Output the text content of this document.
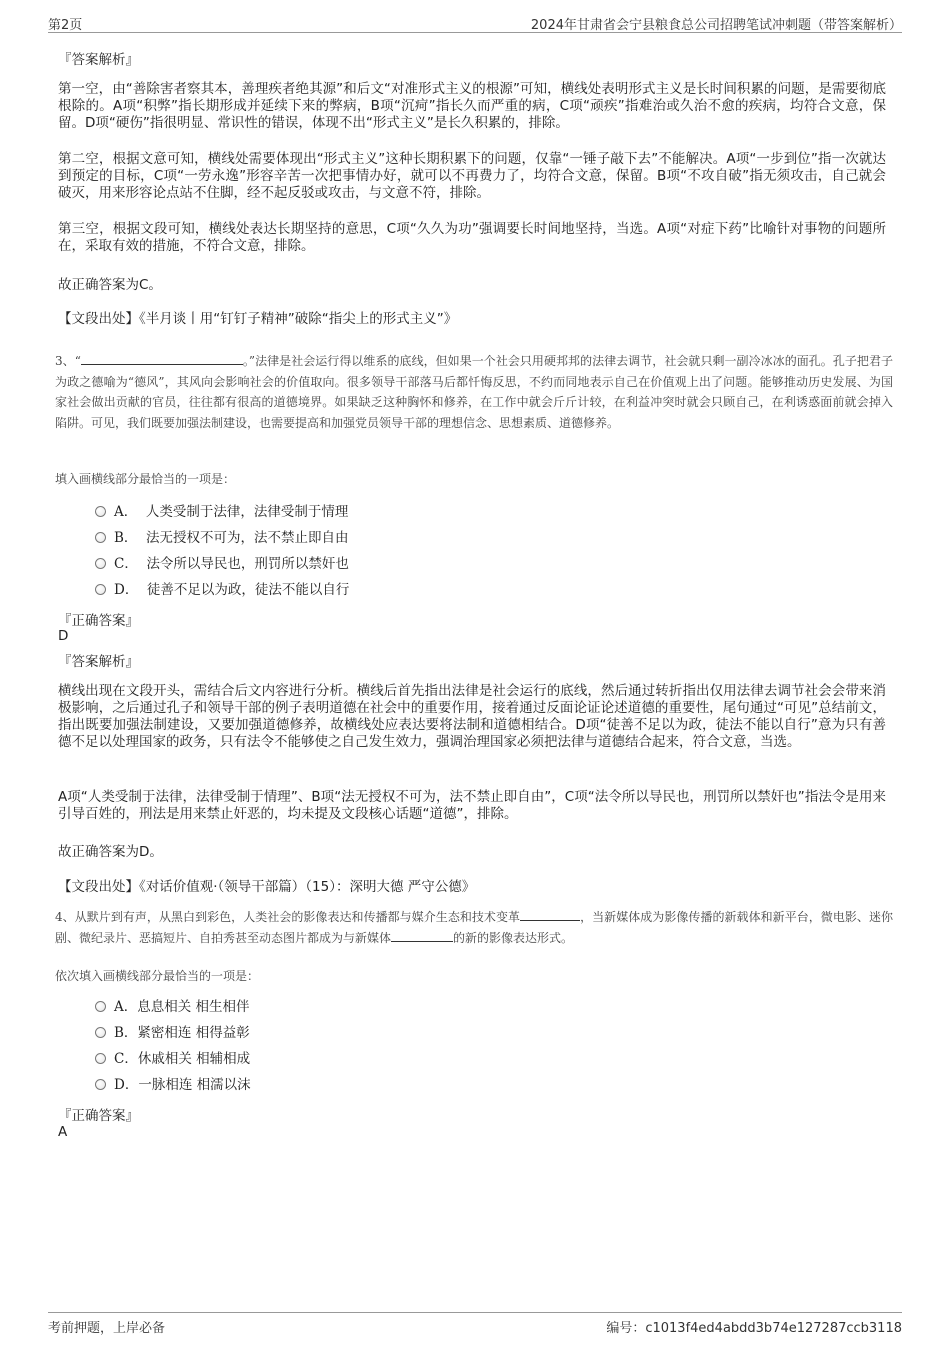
第2页	2024年甘肃省会宁县粮食总公司招聘笔试冲刺题（带答案解析）
『答案解析』

第一空，由“善除害者察其本，善理疾者绝其源”和后文“对准形式主义的根源”可知，横线处表明形式主义是长时间积累的问题，是需要彻底根除的。A项“积弊”指长期形成并延续下来的弊病，B项“沉疴”指长久而严重的病，C项“顽疾”指难治或久治不愈的疾病，均符合文意，保留。D项“硬伤”指很明显、常识性的错误，体现不出“形式主义”是长久积累的，排除。

第二空，根据文意可知，横线处需要体现出“形式主义”这种长期积累下的问题，仅靠“一锤子敲下去”不能解决。A项“一步到位”指一次就达到预定的目标，C项“一劳永逸”形容辛苦一次把事情办好，就可以不再费力了，均符合文意，保留。B项“不攻自破”指无须攻击，自己就会破灭，用来形容论点站不住脚，经不起反驳或攻击，与文意不符，排除。

第三空，根据文段可知，横线处表达长期坚持的意思，C项“久久为功”强调要长时间地坚持，当选。A项“对症下药”比喻针对事物的问题所在，采取有效的措施，不符合文意，排除。

故正确答案为C。
【文段出处】《半月谈丨用“钉钉子精神”破除“指尖上的形式主义”》

3、“	。”法律是社会运行得以维系的底线，但如果一个社会只用硬邦邦的法律去调节，社会就只剩一副冷冰冰的面孔。孔子把君子为政之德喻为“德风”，其风向会影响社会的价值取向。很多领导干部落马后都忏悔反思，不约而同地表示自己在价值观上出了问题。能够推动历史发展、为国家社会做出贡献的官员，往往都有很高的道德境界。如果缺乏这种胸怀和修养，在工作中就会斤斤计较，在利益冲突时就会只顾自己，在利诱惑面前就会掉入陷阱。可见，我们既要加强法制建设，也需要提高和加强党员领导干部的理想信念、思想素质、道德修养。

填入画横线部分最恰当的一项是：
A． 人类受制于法律，法律受制于情理
B． 法无授权不可为，法不禁止即自由
C． 法令所以导民也，刑罚所以禁奸也
D． 徒善不足以为政，徒法不能以自行
『正确答案』
D
『答案解析』

横线出现在文段开头，需结合后文内容进行分析。横线后首先指出法律是社会运行的底线，然后通过转折指出仅用法律去调节社会会带来消极影响，之后通过孔子和领导干部的例子表明道德在社会中的重要作用，接着通过反面论证论述道德的重要性，尾句通过“可见”总结前文，指出既要加强法制建设，又要加强道德修养，故横线处应表达要将法制和道德相结合。D项“徒善不足以为政，徒法不能以自行”意为只有善德不足以处理国家的政务，只有法令不能够使之自己发生效力，强调治理国家必须把法律与道德结合起来，符合文意，当选。

A项“人类受制于法律，法律受制于情理”、B项“法无授权不可为，法不禁止即自由”，C项“法令所以导民也，刑罚所以禁奸也”指法令是用来引导百姓的，刑法是用来禁止奸恶的，均未提及文段核心话题“道德”，排除。

故正确答案为D。
【文段出处】《对话价值观·（领导干部篇）（15）：深明大德 严守公德》

4、从默片到有声，从黑白到彩色，人类社会的影像表达和传播都与媒介生态和技术变革	，当新媒体成为影像传播的新载体和新平台，微电影、迷你剧、微纪录片、恶搞短片、自拍秀甚至动态图片都成为与新媒体	的新的影像表达形式。

依次填入画横线部分最恰当的一项是：
A．息息相关 相生相伴
B．紧密相连 相得益彰
C．休戚相关 相辅相成
D．一脉相连 相濡以沫
『正确答案』
A
考前押题，上岸必备	编号：c1013f4ed4abdd3b74e127287ccb3118
